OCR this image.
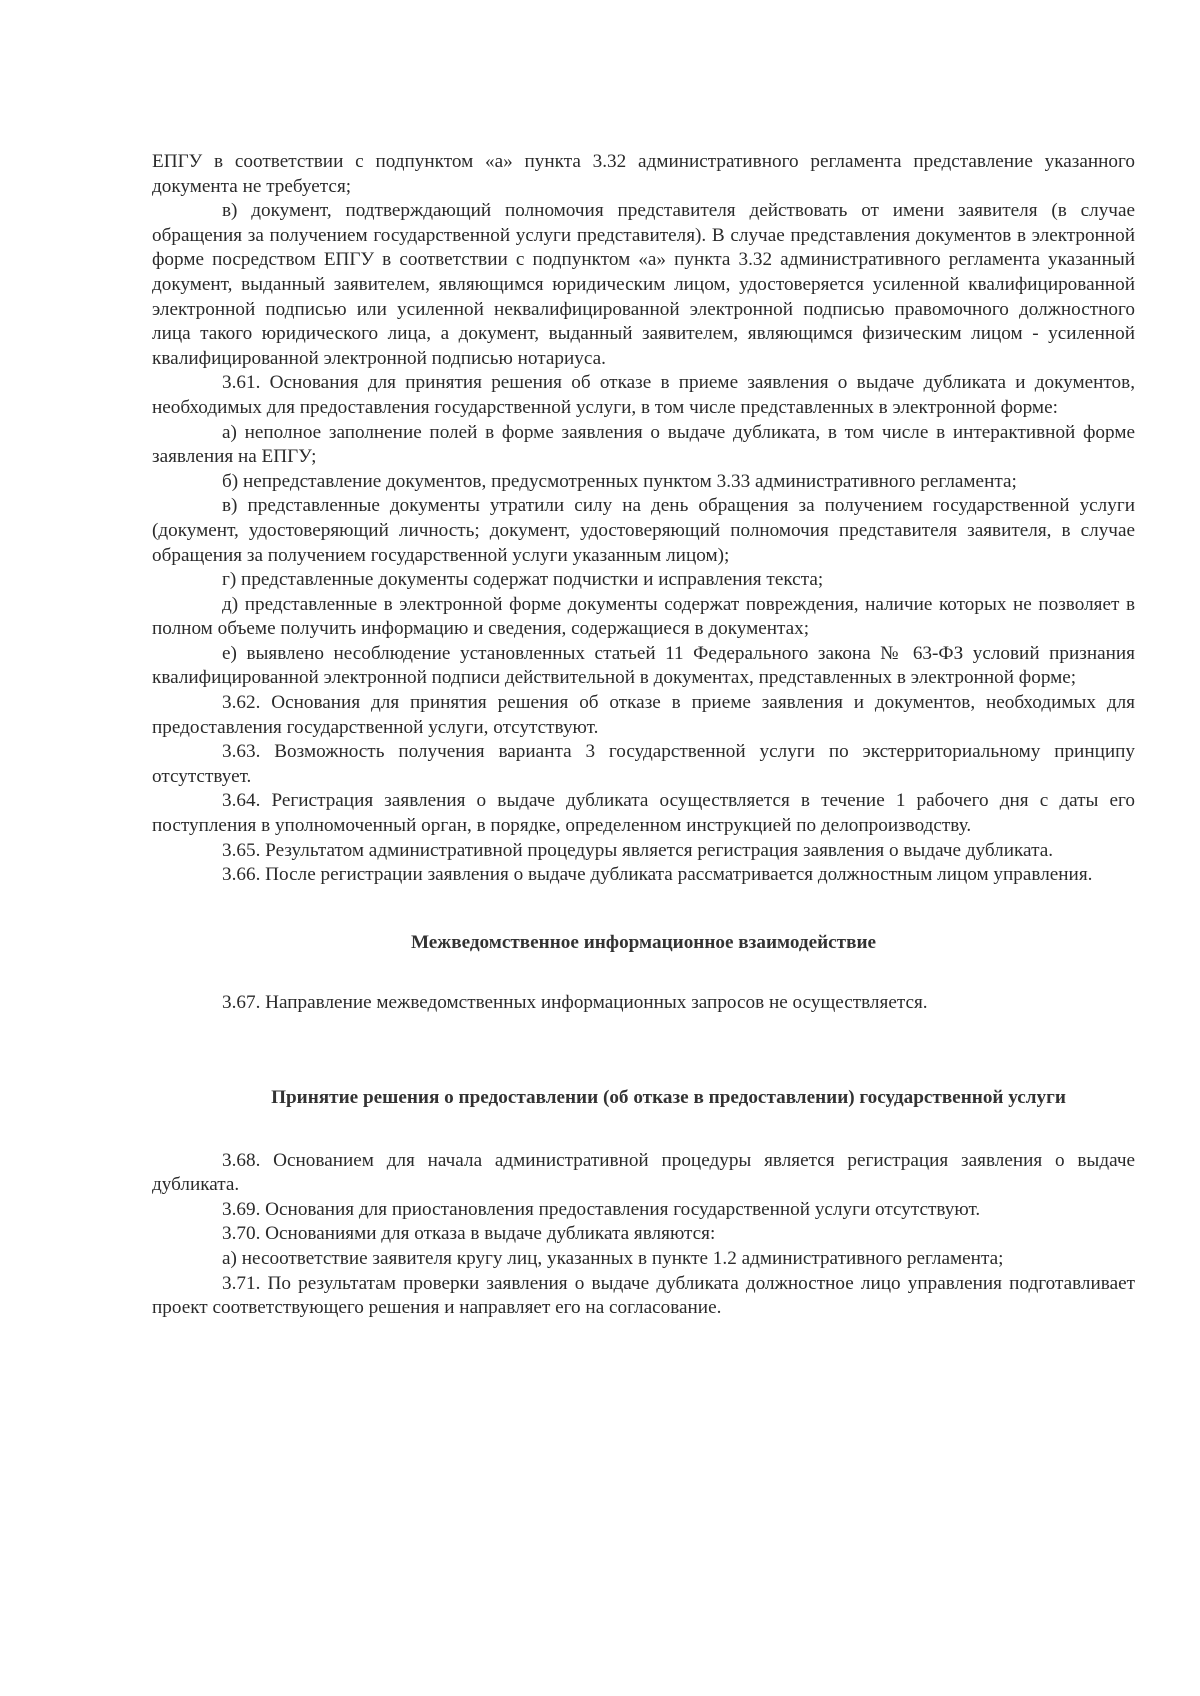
ЕПГУ в соответствии с подпунктом «а» пункта 3.32 административного регламента представление указанного документа не требуется;

в) документ, подтверждающий полномочия представителя действовать от имени заявителя (в случае обращения за получением государственной услуги представителя). В случае представления документов в электронной форме посредством ЕПГУ в соответствии с подпунктом «а» пункта 3.32 административного регламента указанный документ, выданный заявителем, являющимся юридическим лицом, удостоверяется усиленной квалифицированной электронной подписью или усиленной неквалифицированной электронной подписью правомочного должностного лица такого юридического лица, а документ, выданный заявителем, являющимся физическим лицом - усиленной квалифицированной электронной подписью нотариуса.

3.61. Основания для принятия решения об отказе в приеме заявления о выдаче дубликата и документов, необходимых для предоставления государственной услуги, в том числе представленных в электронной форме:

а) неполное заполнение полей в форме заявления о выдаче дубликата, в том числе в интерактивной форме заявления на ЕПГУ;

б) непредставление документов, предусмотренных пунктом 3.33 административного регламента;

в) представленные документы утратили силу на день обращения за получением государственной услуги (документ, удостоверяющий личность; документ, удостоверяющий полномочия представителя заявителя, в случае обращения за получением государственной услуги указанным лицом);

г) представленные документы содержат подчистки и исправления текста;

д) представленные в электронной форме документы содержат повреждения, наличие которых не позволяет в полном объеме получить информацию и сведения, содержащиеся в документах;

е) выявлено несоблюдение установленных статьей 11 Федерального закона № 63-ФЗ условий признания квалифицированной электронной подписи действительной в документах, представленных в электронной форме;

3.62. Основания для принятия решения об отказе в приеме заявления и документов, необходимых для предоставления государственной услуги, отсутствуют.

3.63. Возможность получения варианта 3 государственной услуги по экстерриториальному принципу отсутствует.

3.64. Регистрация заявления о выдаче дубликата осуществляется в течение 1 рабочего дня с даты его поступления в уполномоченный орган, в порядке, определенном инструкцией по делопроизводству.

3.65. Результатом административной процедуры является регистрация заявления о выдаче дубликата.

3.66. После регистрации заявления о выдаче дубликата рассматривается должностным лицом управления.

Межведомственное информационное взаимодействие

3.67. Направление межведомственных информационных запросов не осуществляется.

Принятие решения о предоставлении (об отказе в предоставлении) государственной услуги

3.68. Основанием для начала административной процедуры является регистрация заявления о выдаче дубликата.

3.69. Основания для приостановления предоставления государственной услуги отсутствуют.

3.70. Основаниями для отказа в выдаче дубликата являются:

а) несоответствие заявителя кругу лиц, указанных в пункте 1.2 административного регламента;

3.71. По результатам проверки заявления о выдаче дубликата должностное лицо управления подготавливает проект соответствующего решения и направляет его на согласование.
